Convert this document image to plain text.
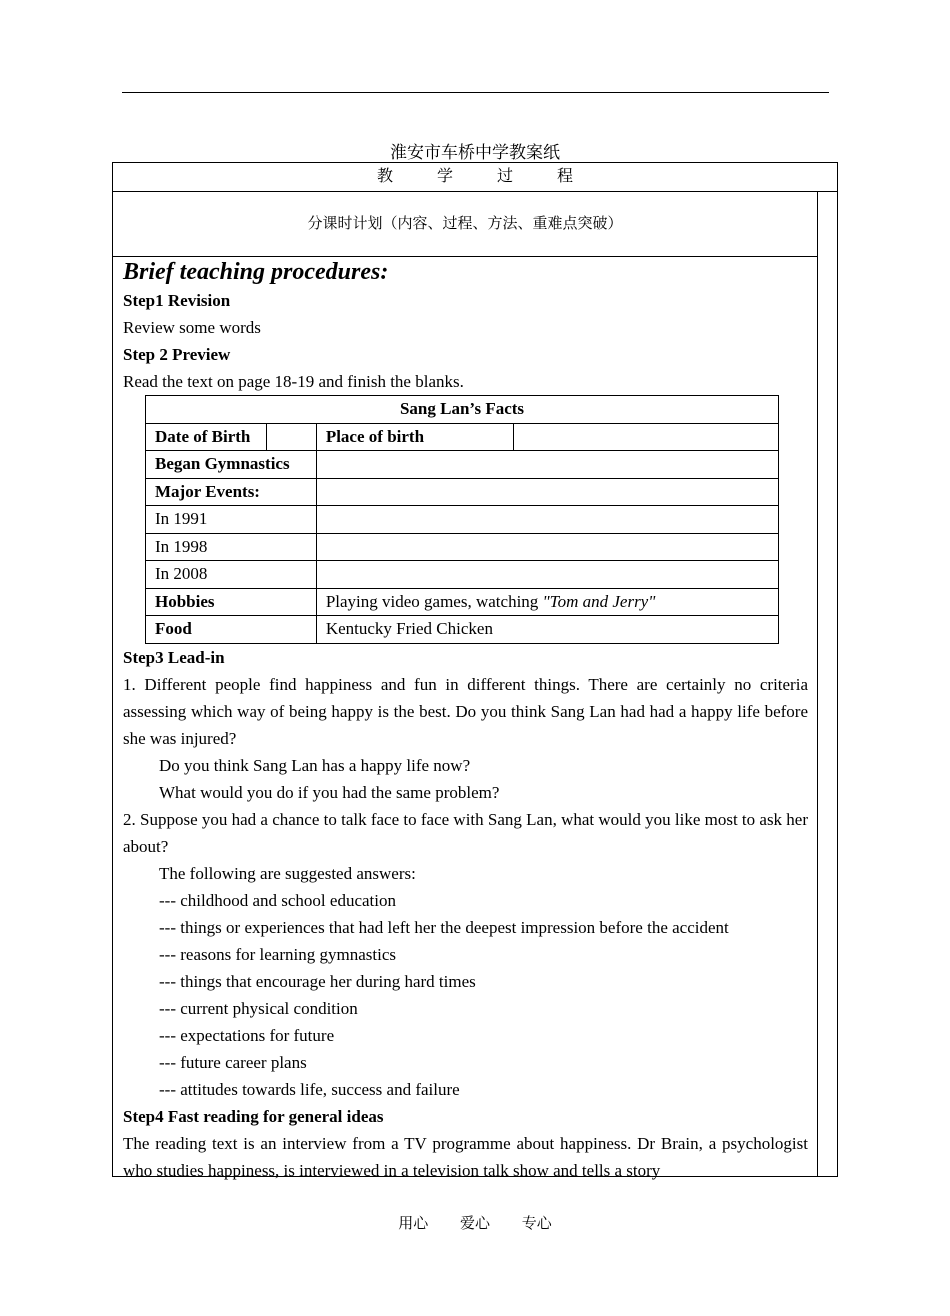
淮安市车桥中学教案纸
教	学	过	程
分课时计划（内容、过程、方法、重难点突破）
Brief teaching procedures:

Step1 Revision

Review some words

Step 2 Preview

Read the text on page 18-19 and finish the blanks.

Sang Lan’s Facts			
Date of Birth		Place of birth	
Began Gymnastics			
Major Events:			
In 1991			
In 1998			
In 2008			
Hobbies		Playing video games, watching "Tom and Jerry"	
Food		Kentucky Fried Chicken	

Step3 Lead-in

1. Different people find happiness and fun in different things. There are certainly no criteria assessing which way of being happy is the best. Do you think Sang Lan had had a happy life before she was injured?

Do you think Sang Lan has a happy life now?

What would you do if you had the same problem?

2. Suppose you had a chance to talk face to face with Sang Lan, what would you like most to ask her about?

The following are suggested answers:

--- childhood and school education

--- things or experiences that had left her the deepest impression before the accident

--- reasons for learning gymnastics

--- things that encourage her during hard times

--- current physical condition

--- expectations for future

--- future career plans

--- attitudes towards life, success and failure

Step4 Fast reading for general ideas

The reading text is an interview from a TV programme about happiness. Dr Brain, a psychologist who studies happiness, is interviewed in a television talk show and tells a story

用心 爱心 专心
